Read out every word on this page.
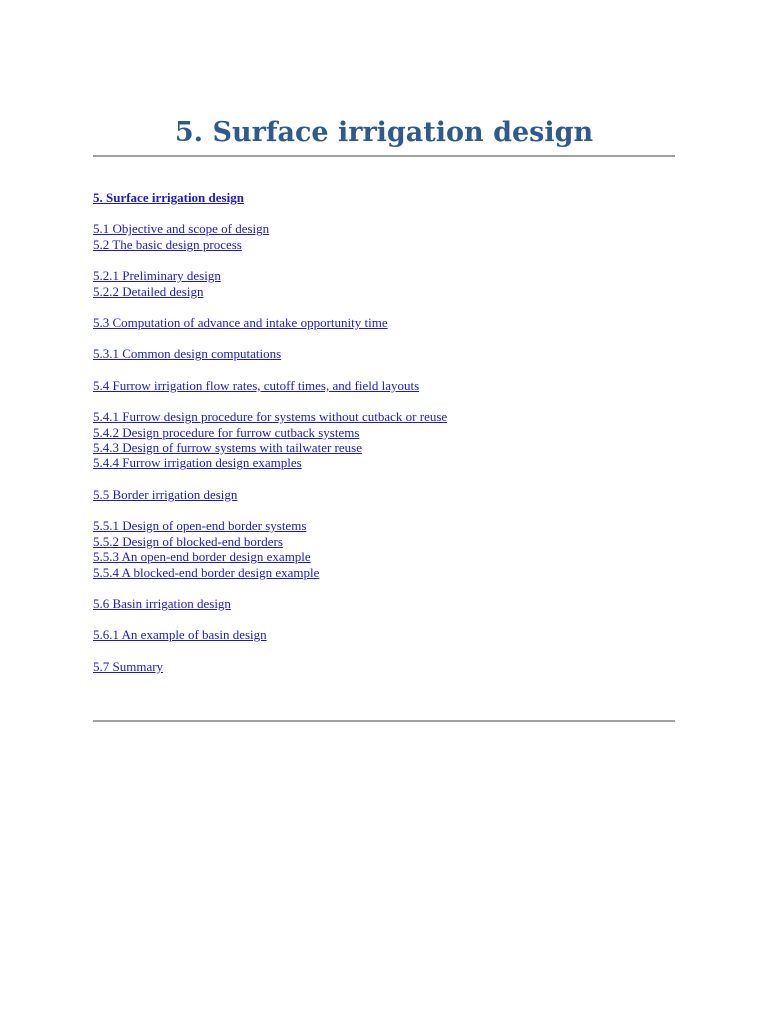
5. Surface irrigation design
5. Surface irrigation design
5.1 Objective and scope of design
5.2 The basic design process
5.2.1 Preliminary design
5.2.2 Detailed design
5.3 Computation of advance and intake opportunity time
5.3.1 Common design computations
5.4 Furrow irrigation flow rates, cutoff times, and field layouts
5.4.1 Furrow design procedure for systems without cutback or reuse
5.4.2 Design procedure for furrow cutback systems
5.4.3 Design of furrow systems with tailwater reuse
5.4.4 Furrow irrigation design examples
5.5 Border irrigation design
5.5.1 Design of open-end border systems
5.5.2 Design of blocked-end borders
5.5.3 An open-end border design example
5.5.4 A blocked-end border design example
5.6 Basin irrigation design
5.6.1 An example of basin design
5.7 Summary
